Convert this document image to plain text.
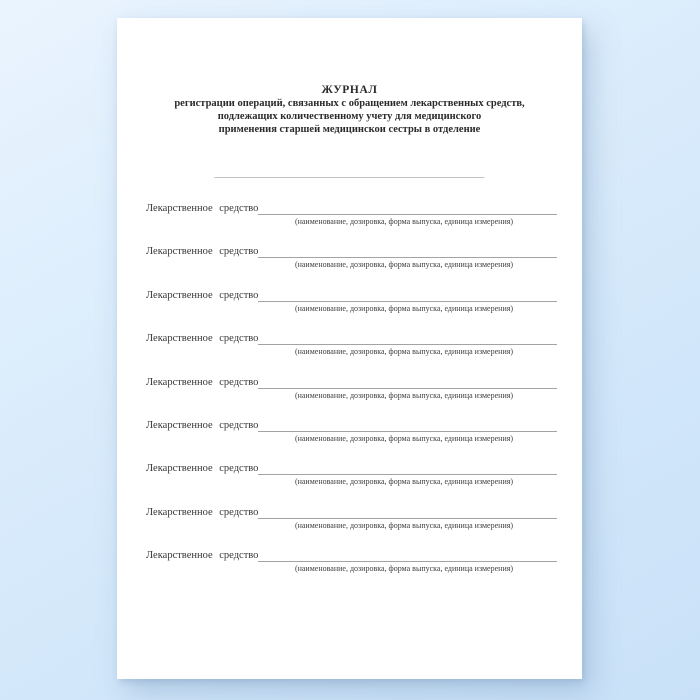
ЖУРНАЛ
регистрации операций, связанных с обращением лекарственных средств,
подлежащих количественному учету для медицинского
применения старшей медицинскои сестры в отделение
______________________________________________________
Лекарственное средство
(наименование, дозировка, форма выпуска, единица измерения)
Лекарственное средство
(наименование, дозировка, форма выпуска, единица измерения)
Лекарственное средство
(наименование, дозировка, форма выпуска, единица измерения)
Лекарственное средство
(наименование, дозировка, форма выпуска, единица измерения)
Лекарственное средство
(наименование, дозировка, форма выпуска, единица измерения)
Лекарственное средство
(наименование, дозировка, форма выпуска, единица измерения)
Лекарственное средство
(наименование, дозировка, форма выпуска, единица измерения)
Лекарственное средство
(наименование, дозировка, форма выпуска, единица измерения)
Лекарственное средство
(наименование, дозировка, форма выпуска, единица измерения)
